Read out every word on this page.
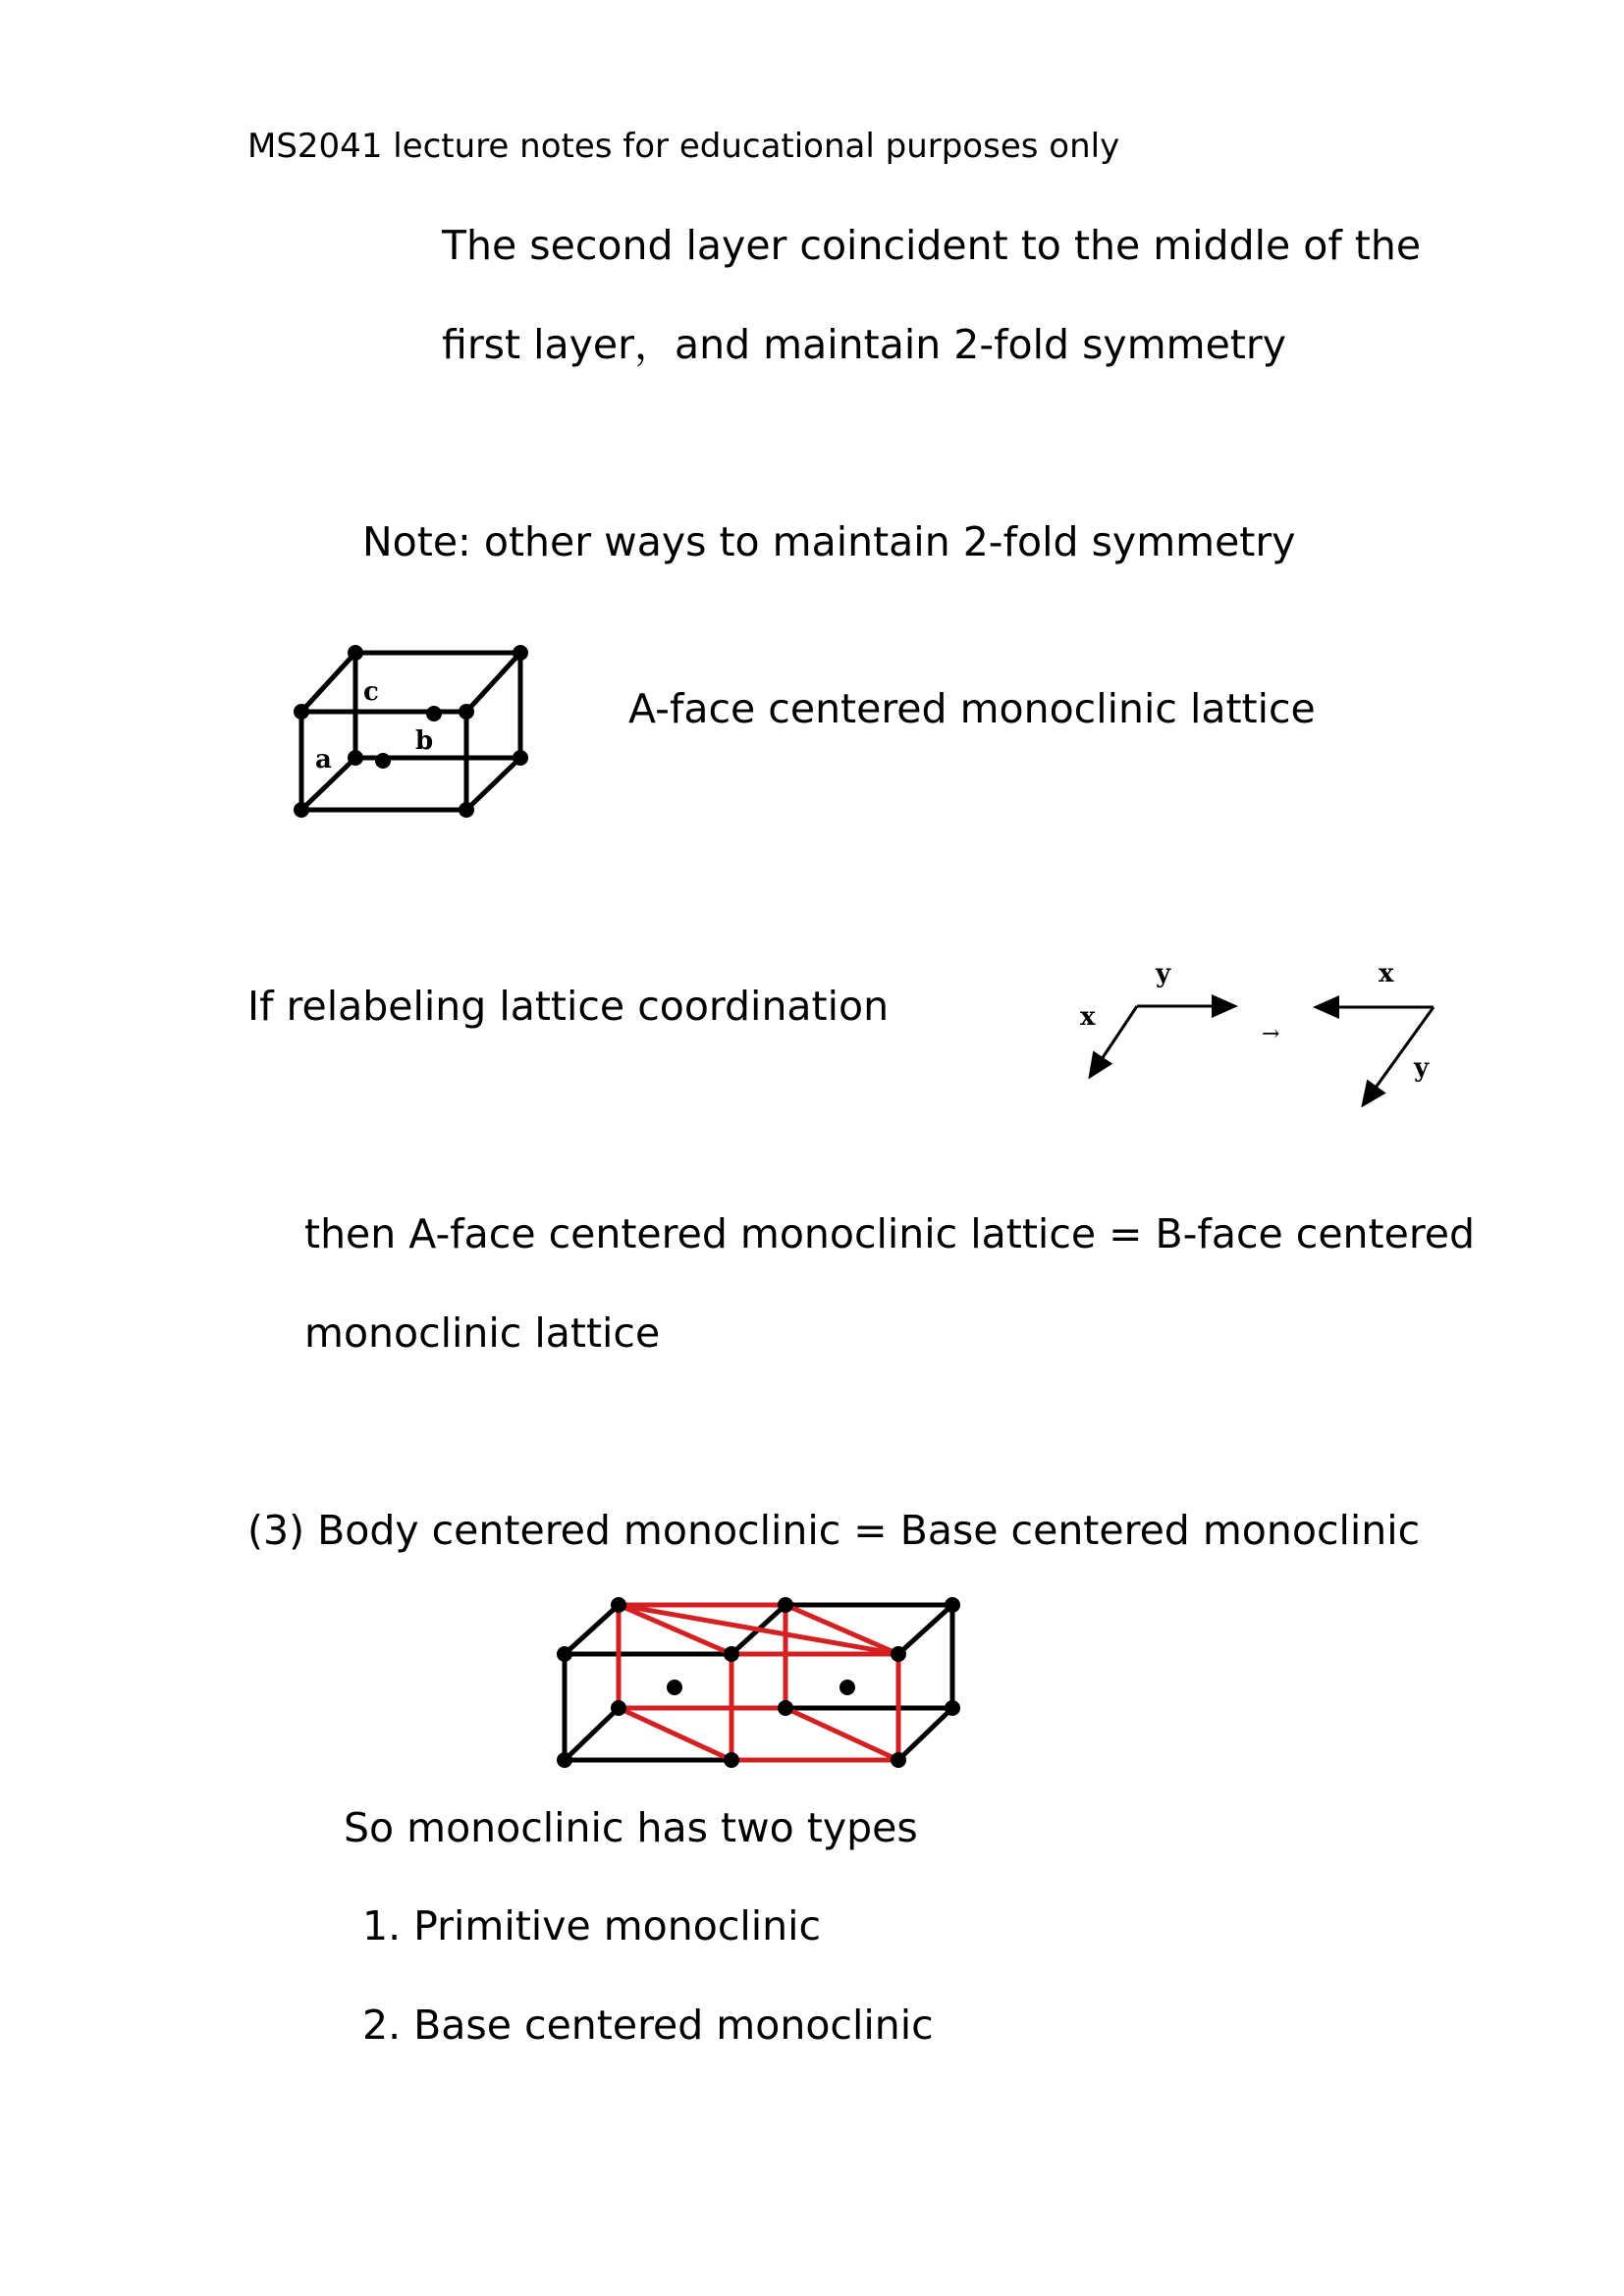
MS2041 lecture notes for educational purposes only
The second layer coincident to the middle of the
first layer，and maintain 2-fold symmetry
Note: other ways to maintain 2-fold symmetry
c
b
a
A-face centered monoclinic lattice
If relabeling lattice coordination
y
x
→
x
y
then A-face centered monoclinic lattice = B-face centered
monoclinic lattice
(3) Body centered monoclinic = Base centered monoclinic
So monoclinic has two types
1. Primitive monoclinic
2. Base centered monoclinic
